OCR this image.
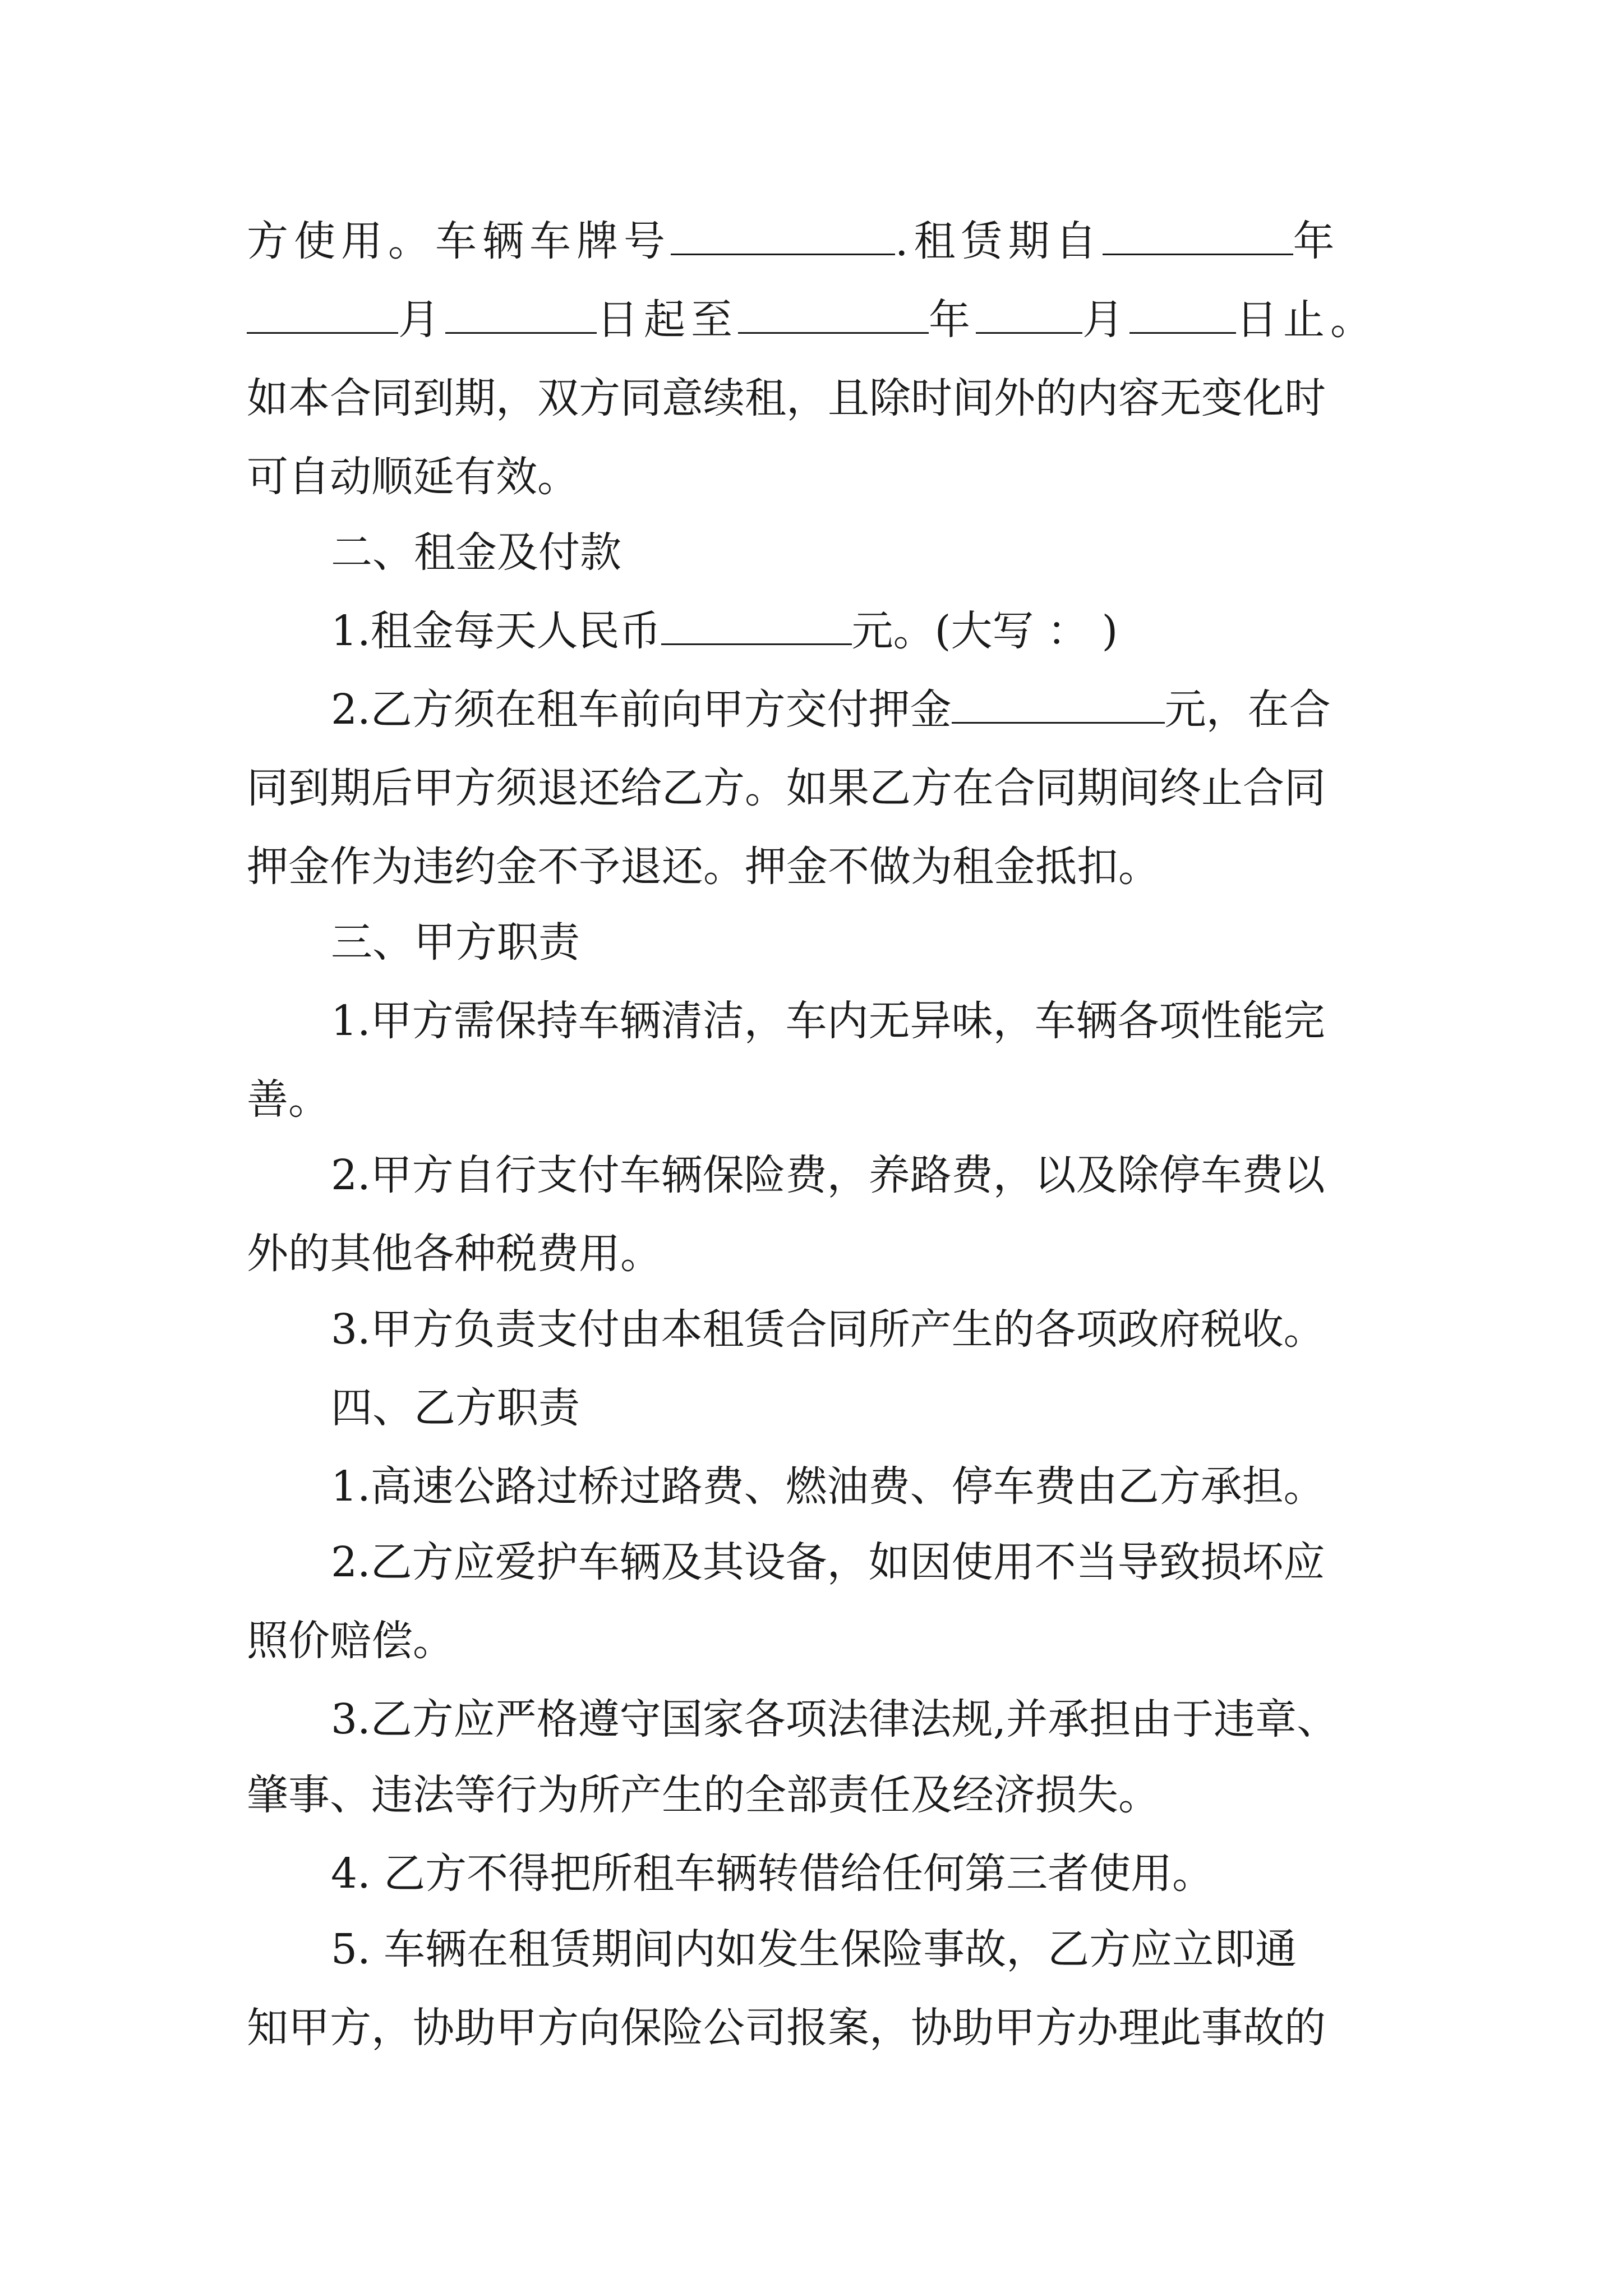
方使用。车辆车牌号	.租赁期自	年
月	日起至	年	月	日止。
如本合同到期，双方同意续租，且除时间外的内容无变化时
可自动顺延有效。
二、租金及付款
1.租金每天人民币	元。(大写 ： )
2.乙方须在租车前向甲方交付押金	元，在合
同到期后甲方须退还给乙方。如果乙方在合同期间终止合同
押金作为违约金不予退还。押金不做为租金抵扣。
三、甲方职责
1.甲方需保持车辆清洁，车内无异味，车辆各项性能完
善。
2.甲方自行支付车辆保险费，养路费，以及除停车费以
外的其他各种税费用。
3.甲方负责支付由本租赁合同所产生的各项政府税收。
四、乙方职责
1.高速公路过桥过路费、燃油费、停车费由乙方承担。
2.乙方应爱护车辆及其设备，如因使用不当导致损坏应
照价赔偿。
3.乙方应严格遵守国家各项法律法规,并承担由于违章、
肇事、违法等行为所产生的全部责任及经济损失。
4. 乙方不得把所租车辆转借给任何第三者使用。
5. 车辆在租赁期间内如发生保险事故，乙方应立即通
知甲方，协助甲方向保险公司报案，协助甲方办理此事故的
